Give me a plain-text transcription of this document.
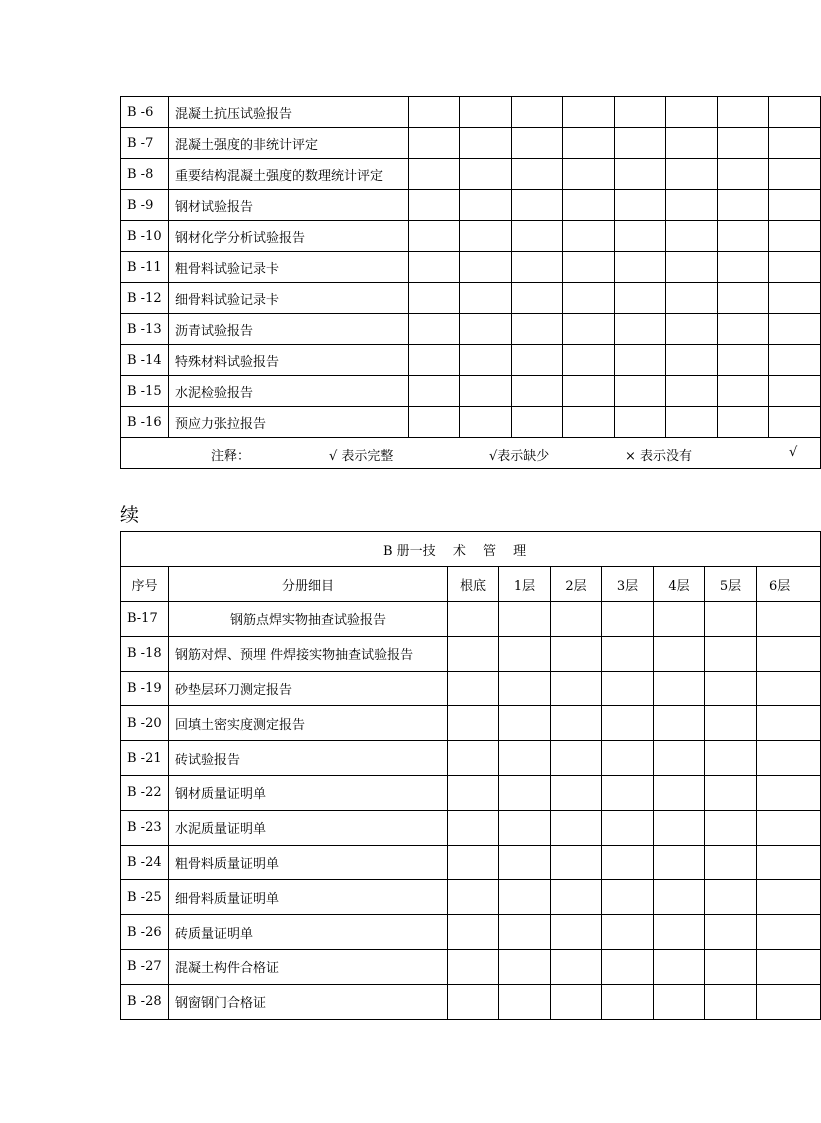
B -6	混凝土抗压试验报告								
B -7	混凝土强度的非统计评定								
B -8	重要结构混凝土强度的数理统计评定								
B -9	钢材试验报告								
B -10	钢材化学分析试验报告								
B -11	粗骨料试验记录卡								
B -12	细骨料试验记录卡								
B -13	沥青试验报告								
B -14	特殊材料试验报告								
B -15	水泥检验报告								
B -16	预应力张拉报告								

注释： √ 表示完整 √表示缺少 × 表示没有 √									
续
B 册一技　 术　 管　 理								
序号	分册细目	根底	1层	2层	3层	4层	5层	6层
B-17	钢筋点焊实物抽查试验报告							
B -18	钢筋对焊、预埋 件焊接实物抽查试验报告							
B -19	砂垫层环刀测定报告							
B -20	回填土密实度测定报告							
B -21	砖试验报告							
B -22	钢材质量证明单							
B -23	水泥质量证明单							
B -24	粗骨料质量证明单							
B -25	细骨料质量证明单							
B -26	砖质量证明单							
B -27	混凝土构件合格证							
B -28	钢窗钢门合格证							
